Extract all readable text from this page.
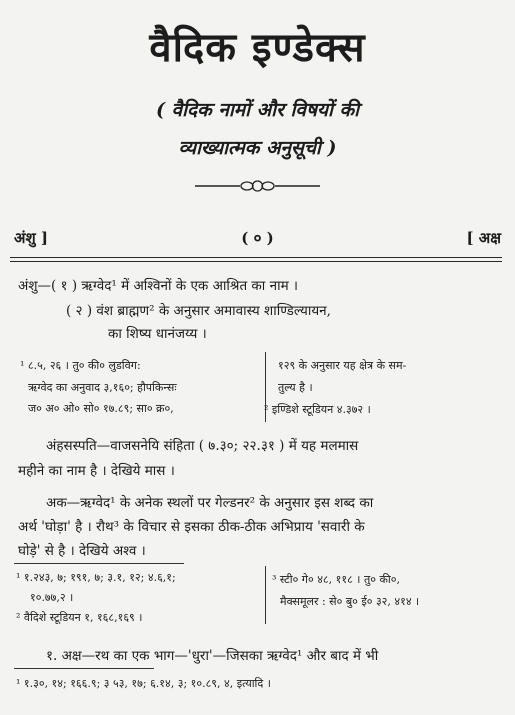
वैदिक इण्डेक्स
( वैदिक नामों और विषयों की
व्याख्यात्मक अनुसूची )
अंशु ]	( ० )	[ अक्ष
अंशु—( १ ) ऋग्वेद¹ में अश्विनों के एक आश्रित का नाम ।
( २ ) वंश ब्राह्मण² के अनुसार अमावास्य शाण्डिल्यायन,
का शिष्य धानंजय्य ।
¹ ८.५, २६ । तु० की० लुडविग:
ऋग्वेद का अनुवाद ३,१६०; हौपकिन्सः
ज० अ० ओ० सो० १७.८९; सा० क्र०,
१२९ के अनुसार यह क्षेत्र के सम-
तुल्य है ।
² इण्डिशे स्टूडियन ४.३७२ ।
अंहसस्पति—वाजसनेयि संहिता ( ७.३०; २२.३१ ) में यह मलमास
महीने का नाम है । देखिये मास ।
अक—ऋग्वेद¹ के अनेक स्थलों पर गेल्डनर² के अनुसार इस शब्द का
अर्थ 'घोड़ा' है । रौथ³ के विचार से इसका ठीक-ठीक अभिप्राय 'सवारी के
घोड़े' से है । देखिये अश्व ।
¹ १.२४३, ७; १९१, ७; ३.१, १२; ४.६,१;
१०.७७,२ ।
² वैदिशे स्टूडियन १, १६८,१६९ ।
³ स्टी० गे० ४८, ११८ । तु० की०,
मैक्समूलर : से० बु० ई० ३२, ४१४ ।
१. अक्ष—रथ का एक भाग—'धुरा'—जिसका ऋग्वेद¹ और बाद में भी
¹ १.३०, १४; १६६.९; ३ ५३, १७; ६.१४, ३; १०.८९, ४, इत्यादि ।
